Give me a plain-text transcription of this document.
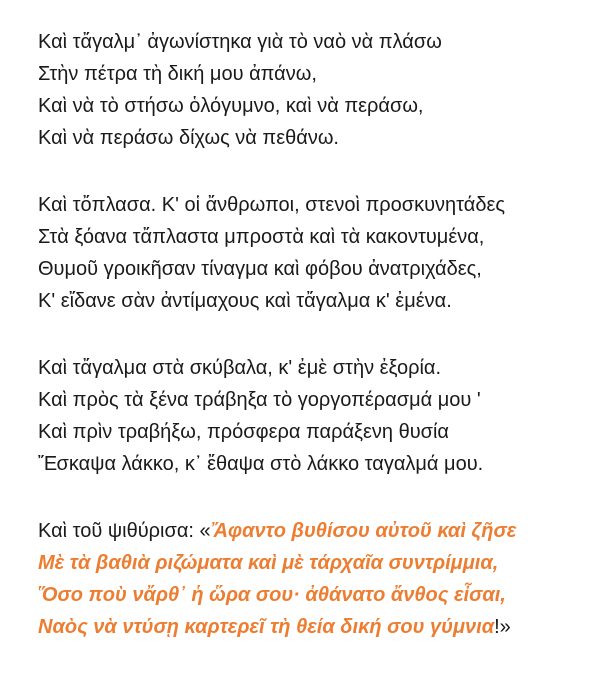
Καὶ τἄγαλμ᾿ ἀγωνίστηκα γιὰ τὸ ναὸ νὰ πλάσω
Στὴν πέτρα τὴ δική μου ἀπάνω,
Καὶ νὰ τὸ στήσω ὁλόγυμνο, καὶ νὰ περάσω,
Καὶ νὰ περάσω δίχως νὰ πεθάνω.
Καὶ τὄπλασα. Κ' οἱ ἄνθρωποι, στενοὶ προσκυνητάδες
Στὰ ξόανα τἄπλαστα μπροστὰ καὶ τὰ κακοντυμένα,
Θυμοῦ γροικῆσαν τίναγμα καὶ φόβου ἀνατριχάδες,
Κ' εἴδανε σὰν ἀντίμαχους καὶ τἄγαλμα κ' ἐμένα.
Καὶ τἄγαλμα στὰ σκύβαλα, κ' ἐμὲ στὴν ἐξορία.
Καὶ πρὸς τὰ ξένα τράβηξα τὸ γοργοπέρασμά μου '
Καὶ πρὶν τραβήξω, πρόσφερα παράξενη θυσία
Ἔσκαψα λάκκο, κ᾿ ἔθαψα στὸ λάκκο ταγαλμά μου.
Καὶ τοῦ ψιθύρισα: «Ἄφαντο βυθίσου αὐτοῦ καὶ ζῆσε
Μὲ τὰ βαθιὰ ριζώματα καὶ μὲ τάρχαῖα συντρίμμια,
Ὅσο ποὺ νἄρθ᾿ ἡ ὥρα σου· ἀθάνατο ἄνθος εἶσαι,
Ναὸς νὰ ντύσῃ καρτερεῖ τὴ θεία δική σου γύμνια!»
